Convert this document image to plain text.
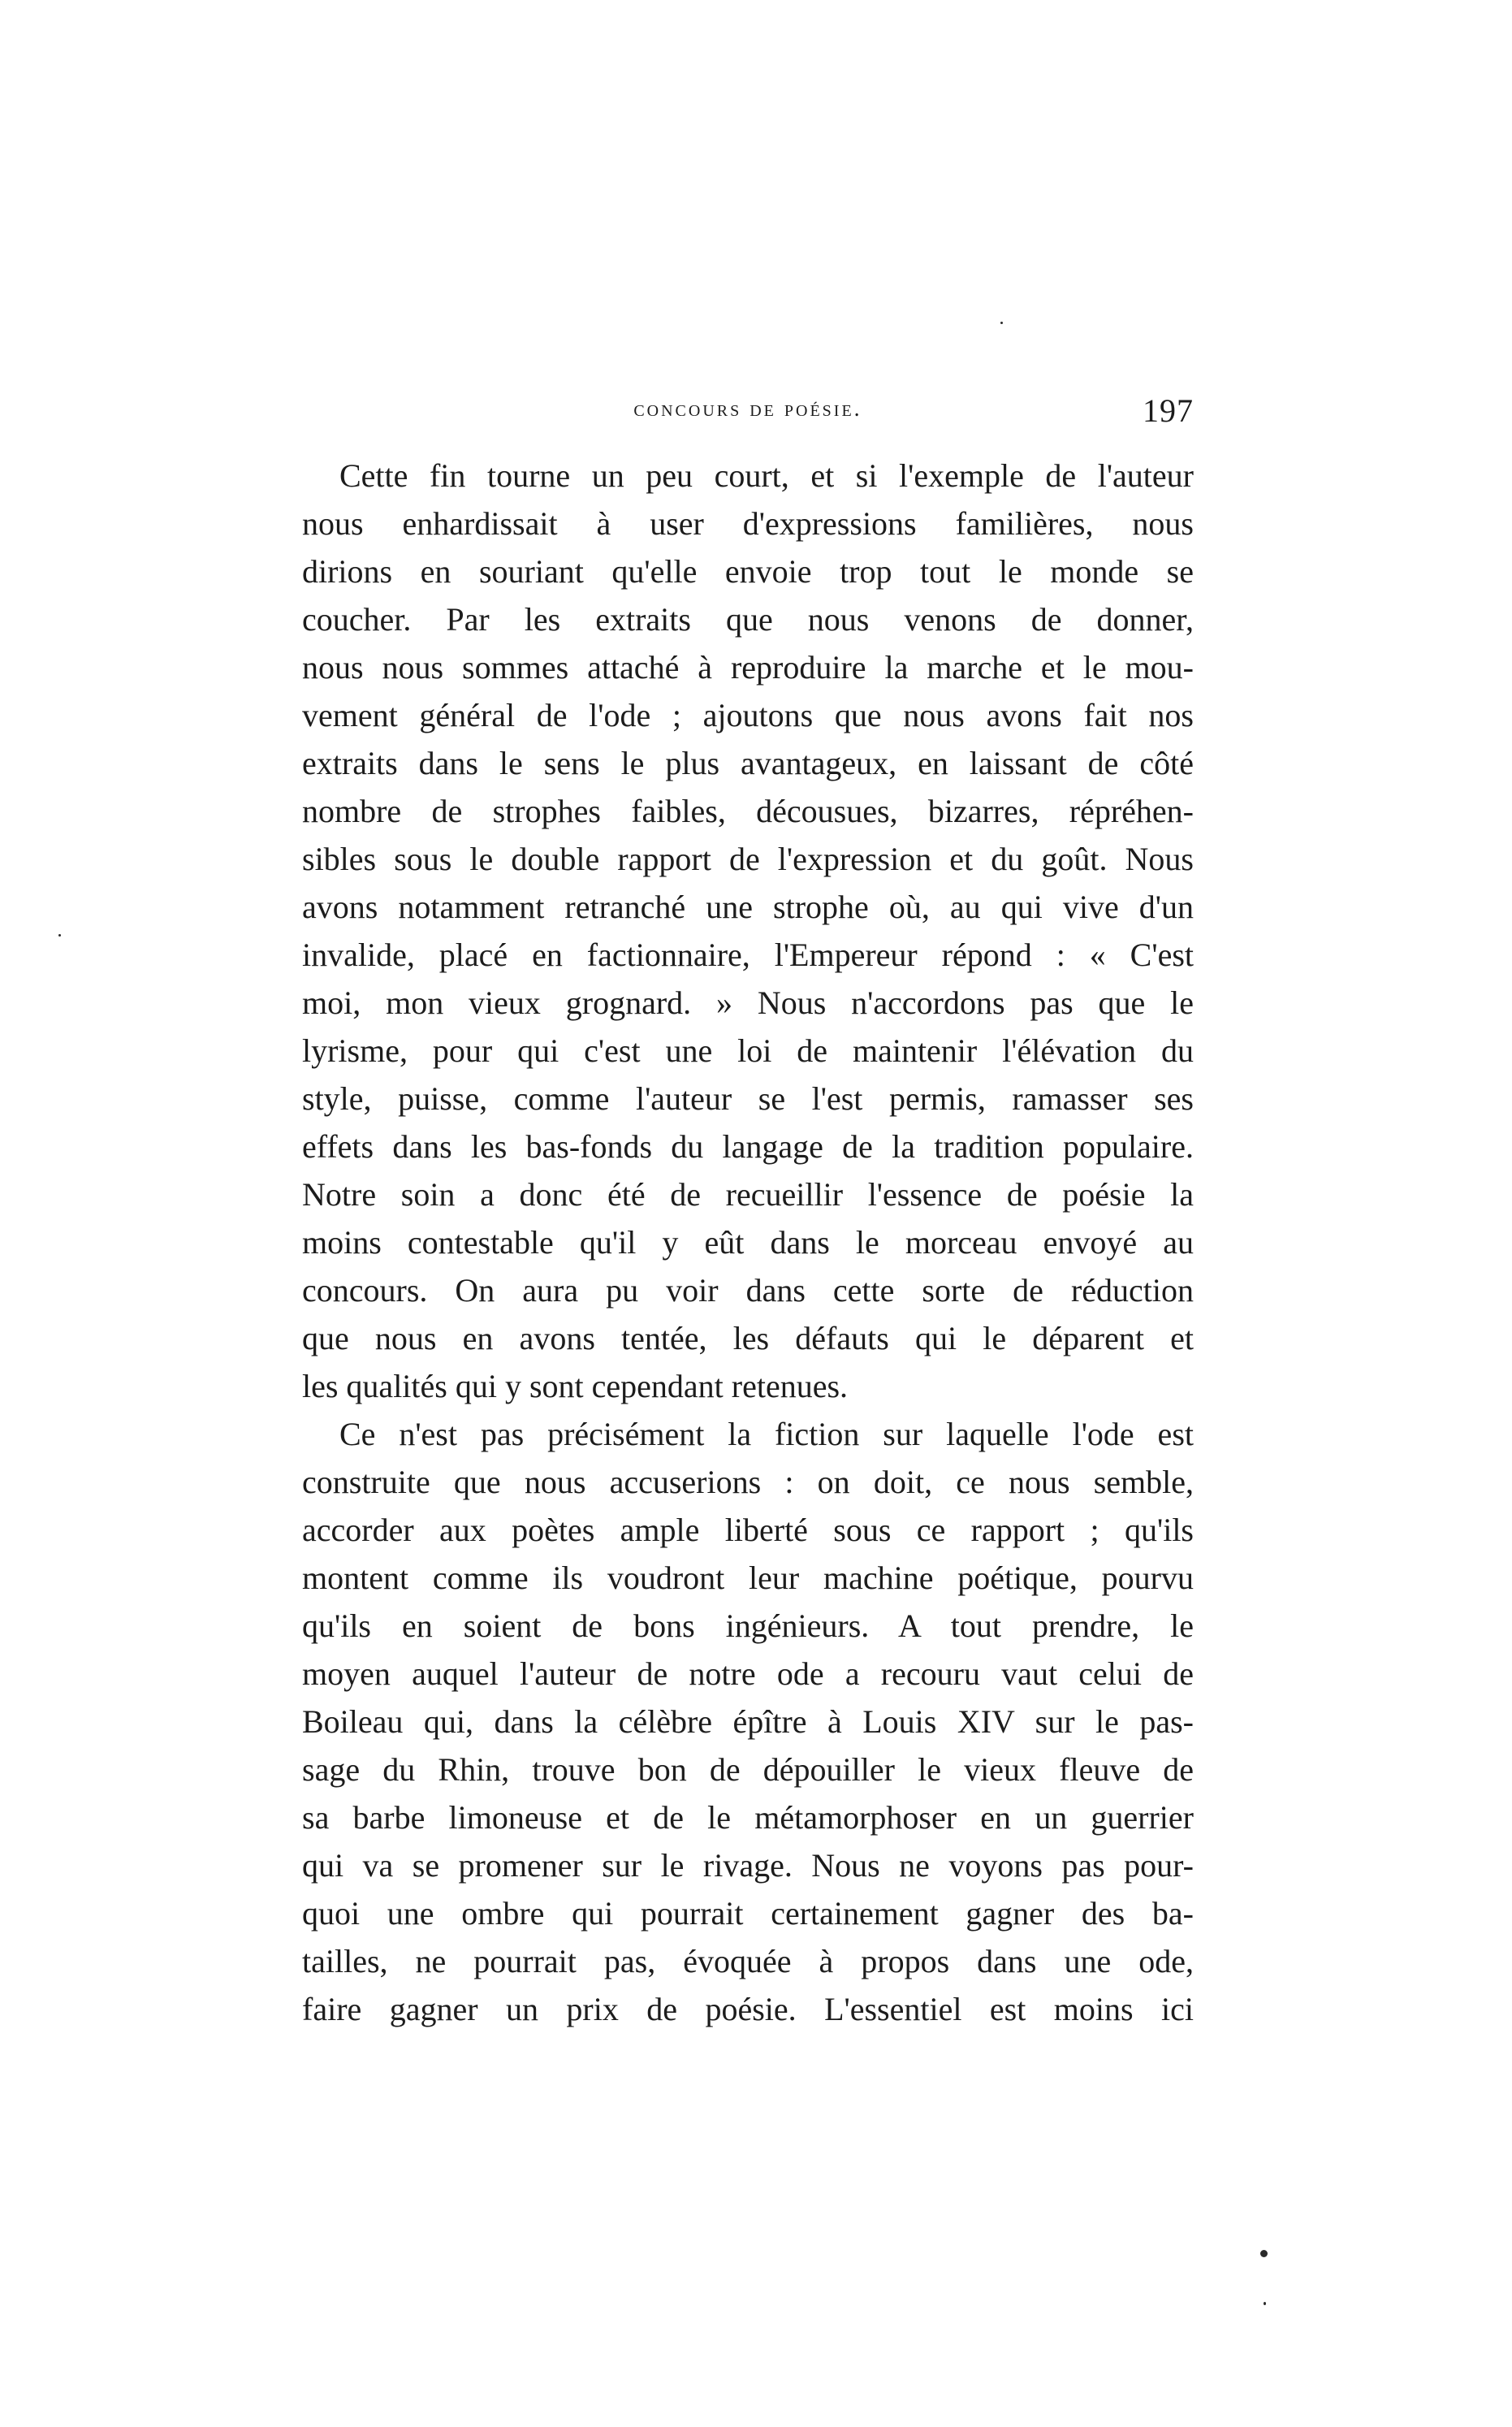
concours de poésie.	197
Cette fin tourne un peu court, et si l'exemple de l'auteur
nous enhardissait à user d'expressions familières, nous
dirions en souriant qu'elle envoie trop tout le monde se
coucher. Par les extraits que nous venons de donner,
nous nous sommes attaché à reproduire la marche et le mou-
vement général de l'ode ; ajoutons que nous avons fait nos
extraits dans le sens le plus avantageux, en laissant de côté
nombre de strophes faibles, décousues, bizarres, répréhen-
sibles sous le double rapport de l'expression et du goût. Nous
avons notamment retranché une strophe où, au qui vive d'un
invalide, placé en factionnaire, l'Empereur répond : « C'est
moi, mon vieux grognard. » Nous n'accordons pas que le
lyrisme, pour qui c'est une loi de maintenir l'élévation du
style, puisse, comme l'auteur se l'est permis, ramasser ses
effets dans les bas-fonds du langage de la tradition populaire.
Notre soin a donc été de recueillir l'essence de poésie la
moins contestable qu'il y eût dans le morceau envoyé au
concours. On aura pu voir dans cette sorte de réduction
que nous en avons tentée, les défauts qui le déparent et
les qualités qui y sont cependant retenues.
Ce n'est pas précisément la fiction sur laquelle l'ode est
construite que nous accuserions : on doit, ce nous semble,
accorder aux poètes ample liberté sous ce rapport ; qu'ils
montent comme ils voudront leur machine poétique, pourvu
qu'ils en soient de bons ingénieurs. A tout prendre, le
moyen auquel l'auteur de notre ode a recouru vaut celui de
Boileau qui, dans la célèbre épître à Louis XIV sur le pas-
sage du Rhin, trouve bon de dépouiller le vieux fleuve de
sa barbe limoneuse et de le métamorphoser en un guerrier
qui va se promener sur le rivage. Nous ne voyons pas pour-
quoi une ombre qui pourrait certainement gagner des ba-
tailles, ne pourrait pas, évoquée à propos dans une ode,
faire gagner un prix de poésie. L'essentiel est moins ici
